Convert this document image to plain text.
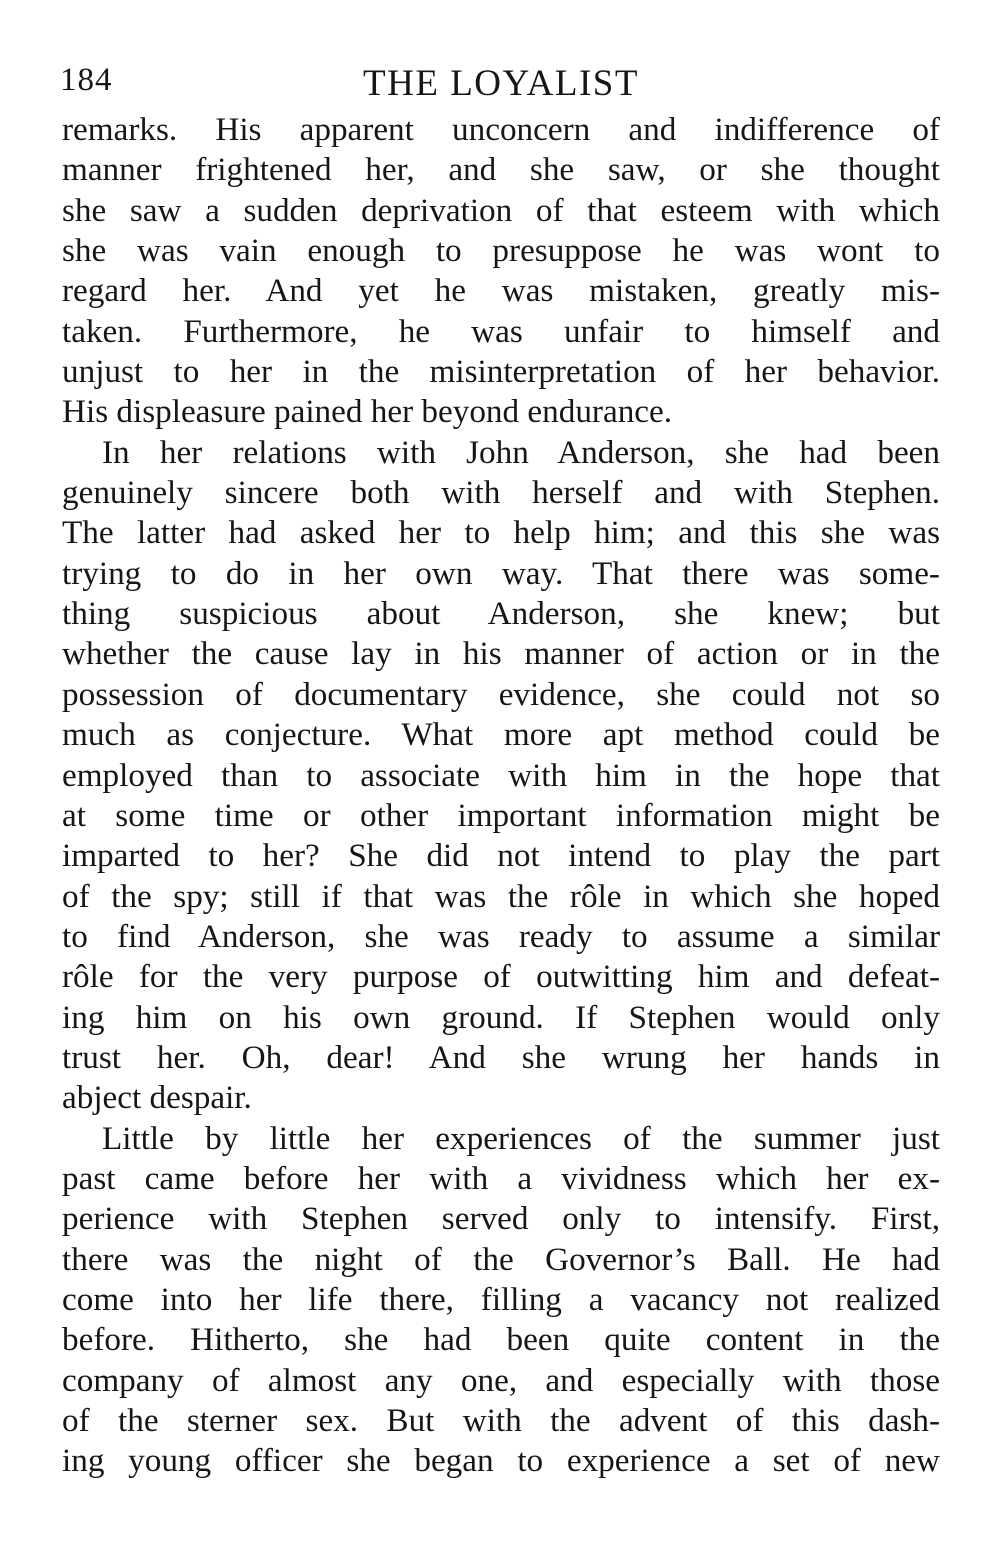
184	THE LOYALIST
remarks. His apparent unconcern and indifference of
manner frightened her, and she saw, or she thought
she saw a sudden deprivation of that esteem with which
she was vain enough to presuppose he was wont to
regard her. And yet he was mistaken, greatly mis-
taken. Furthermore, he was unfair to himself and
unjust to her in the misinterpretation of her behavior.
His displeasure pained her beyond endurance.
In her relations with John Anderson, she had been
genuinely sincere both with herself and with Stephen.
The latter had asked her to help him; and this she was
trying to do in her own way. That there was some-
thing suspicious about Anderson, she knew; but
whether the cause lay in his manner of action or in the
possession of documentary evidence, she could not so
much as conjecture. What more apt method could be
employed than to associate with him in the hope that
at some time or other important information might be
imparted to her? She did not intend to play the part
of the spy; still if that was the rôle in which she hoped
to find Anderson, she was ready to assume a similar
rôle for the very purpose of outwitting him and defeat-
ing him on his own ground. If Stephen would only
trust her. Oh, dear! And she wrung her hands in
abject despair.
Little by little her experiences of the summer just
past came before her with a vividness which her ex-
perience with Stephen served only to intensify. First,
there was the night of the Governor’s Ball. He had
come into her life there, filling a vacancy not realized
before. Hitherto, she had been quite content in the
company of almost any one, and especially with those
of the sterner sex. But with the advent of this dash-
ing young officer she began to experience a set of new
